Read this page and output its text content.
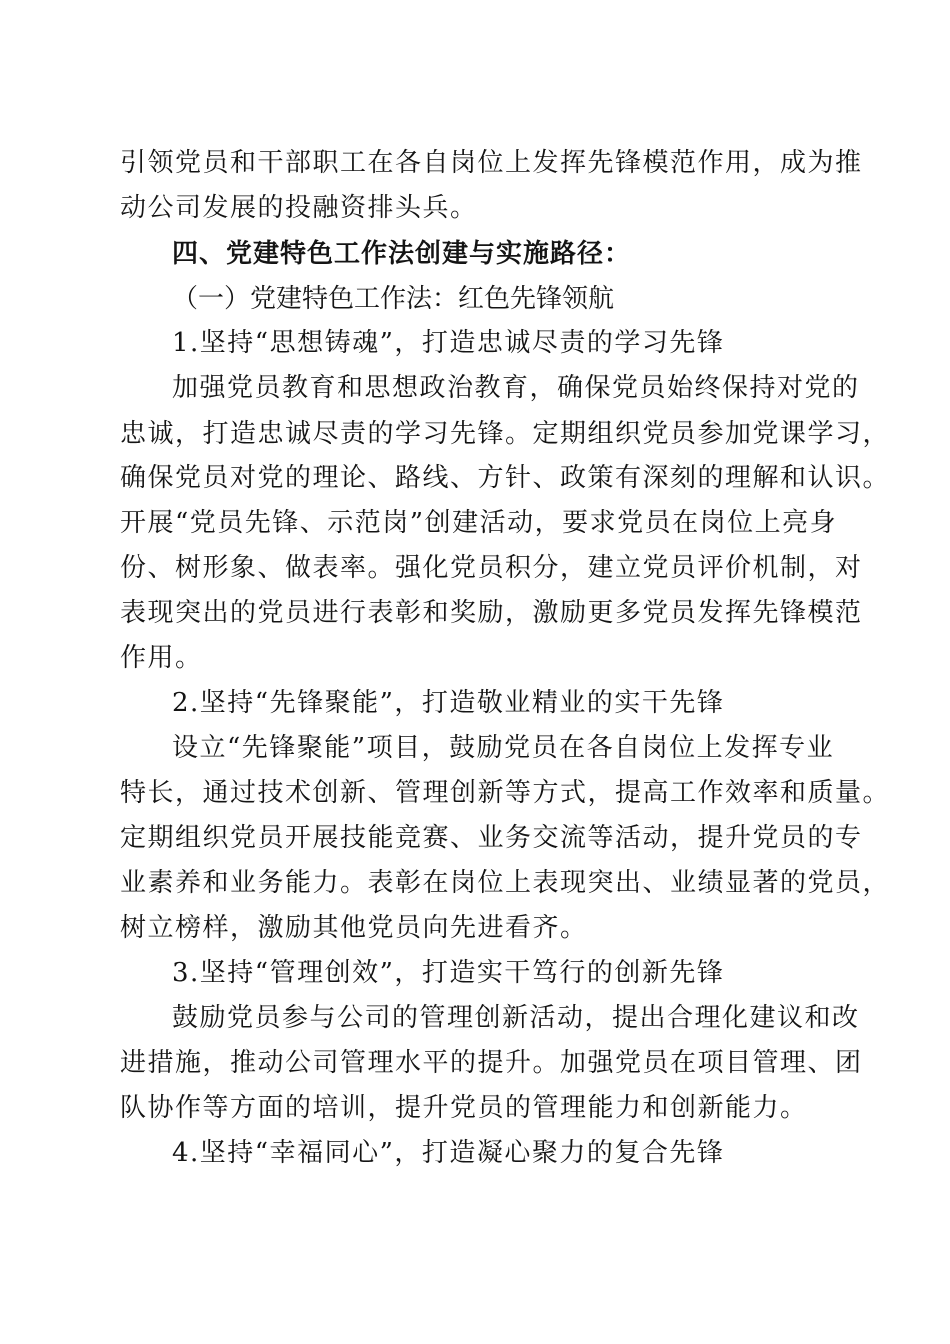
引领党员和干部职工在各自岗位上发挥先锋模范作用，成为推
动公司发展的投融资排头兵。
四、党建特色工作法创建与实施路径：
（一）党建特色工作法：红色先锋领航
1.坚持“思想铸魂”，打造忠诚尽责的学习先锋
加强党员教育和思想政治教育，确保党员始终保持对党的
忠诚，打造忠诚尽责的学习先锋。定期组织党员参加党课学习，
确保党员对党的理论、路线、方针、政策有深刻的理解和认识。
开展“党员先锋、示范岗”创建活动，要求党员在岗位上亮身
份、树形象、做表率。强化党员积分，建立党员评价机制，对
表现突出的党员进行表彰和奖励，激励更多党员发挥先锋模范
作用。
2.坚持“先锋聚能”，打造敬业精业的实干先锋
设立“先锋聚能”项目，鼓励党员在各自岗位上发挥专业
特长，通过技术创新、管理创新等方式，提高工作效率和质量。
定期组织党员开展技能竞赛、业务交流等活动，提升党员的专
业素养和业务能力。表彰在岗位上表现突出、业绩显著的党员，
树立榜样，激励其他党员向先进看齐。
3.坚持“管理创效”，打造实干笃行的创新先锋
鼓励党员参与公司的管理创新活动，提出合理化建议和改
进措施，推动公司管理水平的提升。加强党员在项目管理、团
队协作等方面的培训，提升党员的管理能力和创新能力。
4.坚持“幸福同心”，打造凝心聚力的复合先锋
